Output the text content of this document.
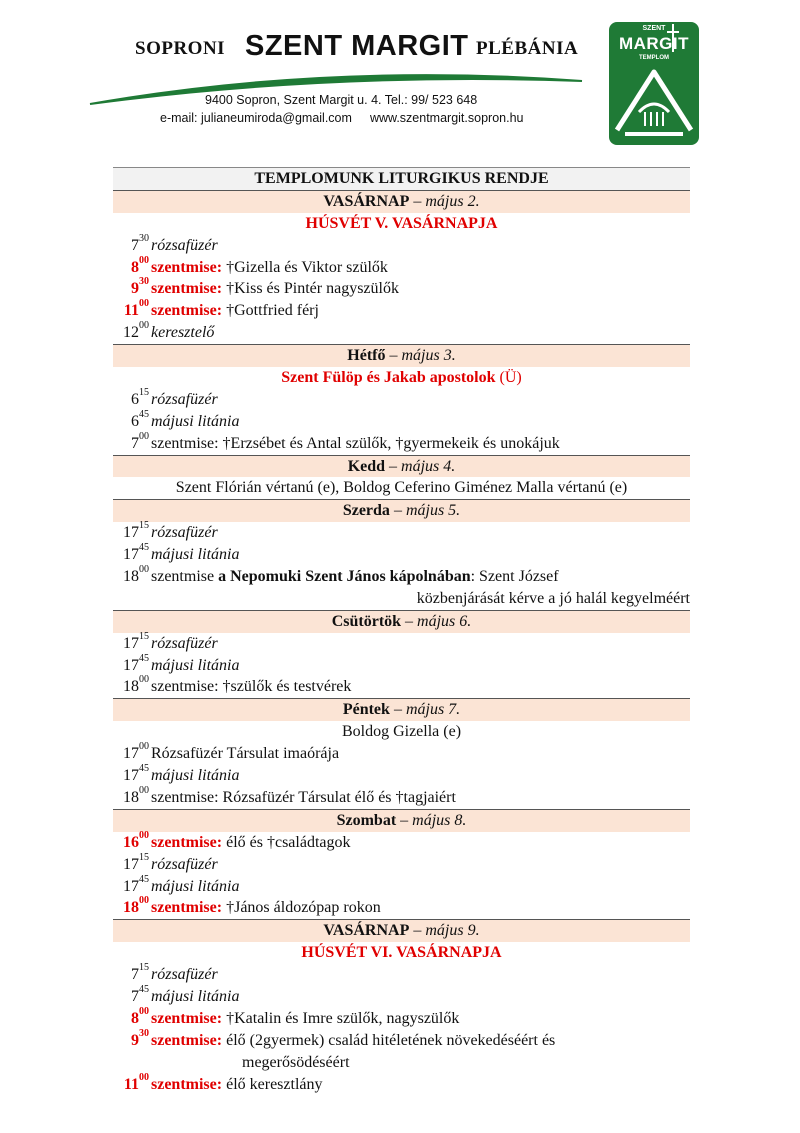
SOPRONI SZENT MARGIT PLÉBÁNIA
9400 Sopron, Szent Margit u. 4. Tel.: 99/ 523 648
e-mail: julianeumiroda@gmail.com www.szentmargit.sopron.hu
SZENT
MARGIT
TEMPLOM
TEMPLOMUNK LITURGIKUS RENDJE
VASÁRNAP – május 2.
HÚSVÉT V. VASÁRNAPJA
$7^{30}$ rózsafüzér
$8^{00}$ szentmise: †Gizella és Viktor szülők
$9^{30}$ szentmise: †Kiss és Pintér nagyszülők
$11^{00}$ szentmise: †Gottfried férj
$12^{00}$ keresztelő
Hétfő – május 3.
Szent Fülöp és Jakab apostolok (Ü)
$6^{15}$ rózsafüzér
$6^{45}$ májusi litánia
$7^{00}$ szentmise: †Erzsébet és Antal szülők, †gyermekeik és unokájuk
Kedd – május 4.
Szent Flórián vértanú (e), Boldog Ceferino Giménez Malla vértanú (e)
Szerda – május 5.
$17^{15}$ rózsafüzér
$17^{45}$ májusi litánia
$18^{00}$ szentmise a Nepomuki Szent János kápolnában: Szent József
közbenjárását kérve a jó halál kegyelméért
Csütörtök – május 6.
$17^{15}$ rózsafüzér
$17^{45}$ májusi litánia
$18^{00}$ szentmise: †szülők és testvérek
Péntek – május 7.
Boldog Gizella (e)
$17^{00}$ Rózsafüzér Társulat imaórája
$17^{45}$ májusi litánia
$18^{00}$ szentmise: Rózsafüzér Társulat élő és †tagjaiért
Szombat – május 8.
$16^{00}$ szentmise: élő és †családtagok
$17^{15}$ rózsafüzér
$17^{45}$ májusi litánia
$18^{00}$ szentmise: †János áldozópap rokon
VASÁRNAP – május 9.
HÚSVÉT VI. VASÁRNAPJA
$7^{15}$ rózsafüzér
$7^{45}$ májusi litánia
$8^{00}$ szentmise: †Katalin és Imre szülők, nagyszülők
$9^{30}$ szentmise: élő (2gyermek) család hitéletének növekedéséért és
megerősödéséért
$11^{00}$ szentmise: élő keresztlány
